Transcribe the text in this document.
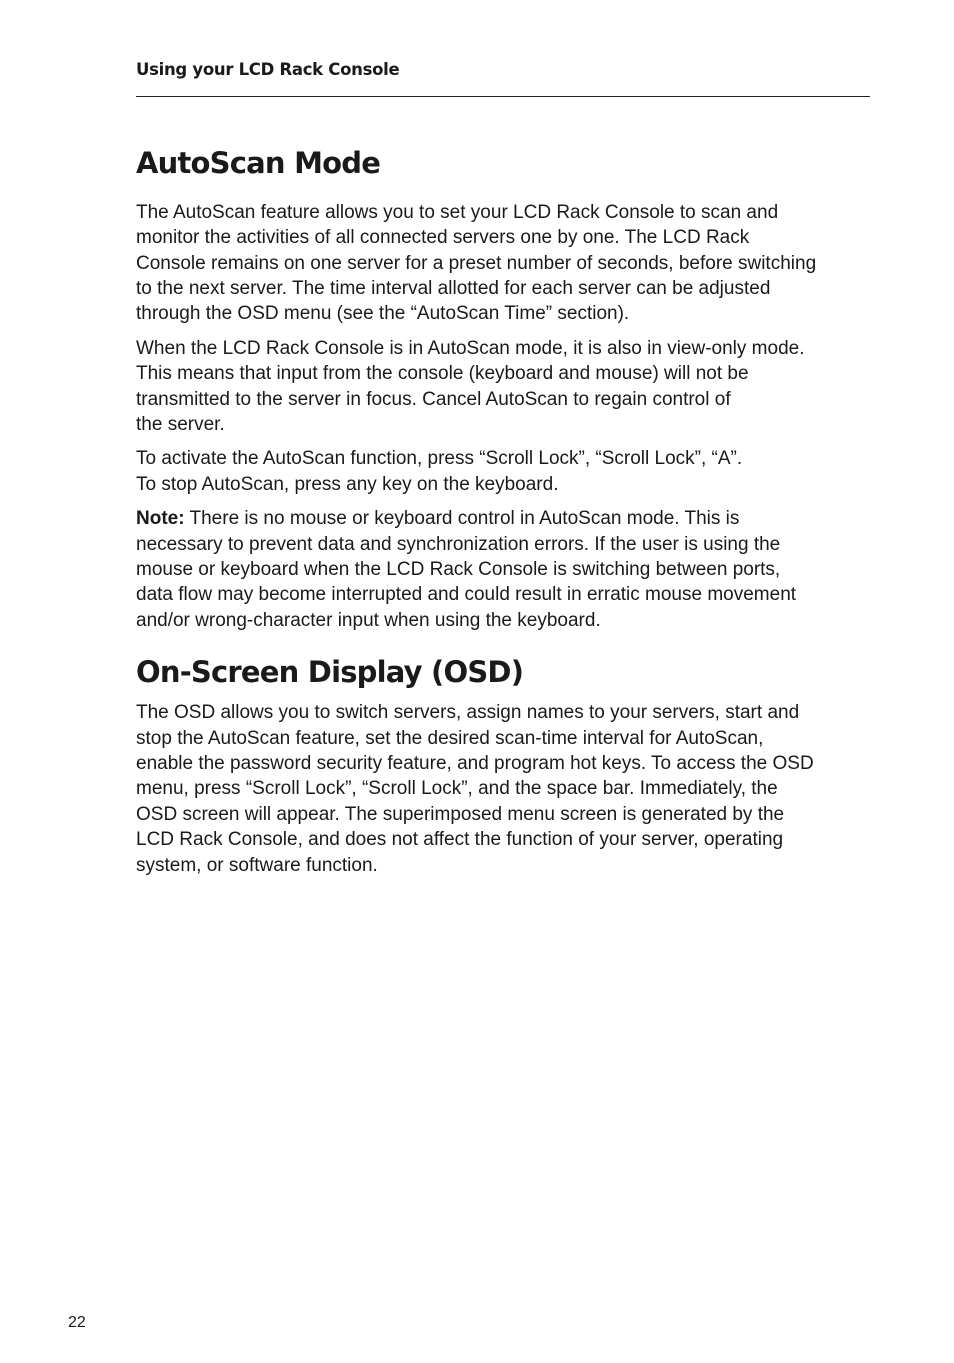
Using your LCD Rack Console
AutoScan Mode

The AutoScan feature allows you to set your LCD Rack Console to scan and
monitor the activities of all connected servers one by one. The LCD Rack
Console remains on one server for a preset number of seconds, before switching
to the next server. The time interval allotted for each server can be adjusted
through the OSD menu (see the “AutoScan Time” section).

When the LCD Rack Console is in AutoScan mode, it is also in view-only mode.
This means that input from the console (keyboard and mouse) will not be
transmitted to the server in focus. Cancel AutoScan to regain control of
the server.

To activate the AutoScan function, press “Scroll Lock”, “Scroll Lock”, “A”.
To stop AutoScan, press any key on the keyboard.

Note: There is no mouse or keyboard control in AutoScan mode. This is
necessary to prevent data and synchronization errors. If the user is using the
mouse or keyboard when the LCD Rack Console is switching between ports,
data flow may become interrupted and could result in erratic mouse movement
and/or wrong-character input when using the keyboard.

On-Screen Display (OSD)

The OSD allows you to switch servers, assign names to your servers, start and
stop the AutoScan feature, set the desired scan-time interval for AutoScan,
enable the password security feature, and program hot keys. To access the OSD
menu, press “Scroll Lock”, “Scroll Lock”, and the space bar. Immediately, the
OSD screen will appear. The superimposed menu screen is generated by the
LCD Rack Console, and does not affect the function of your server, operating
system, or software function.

22
